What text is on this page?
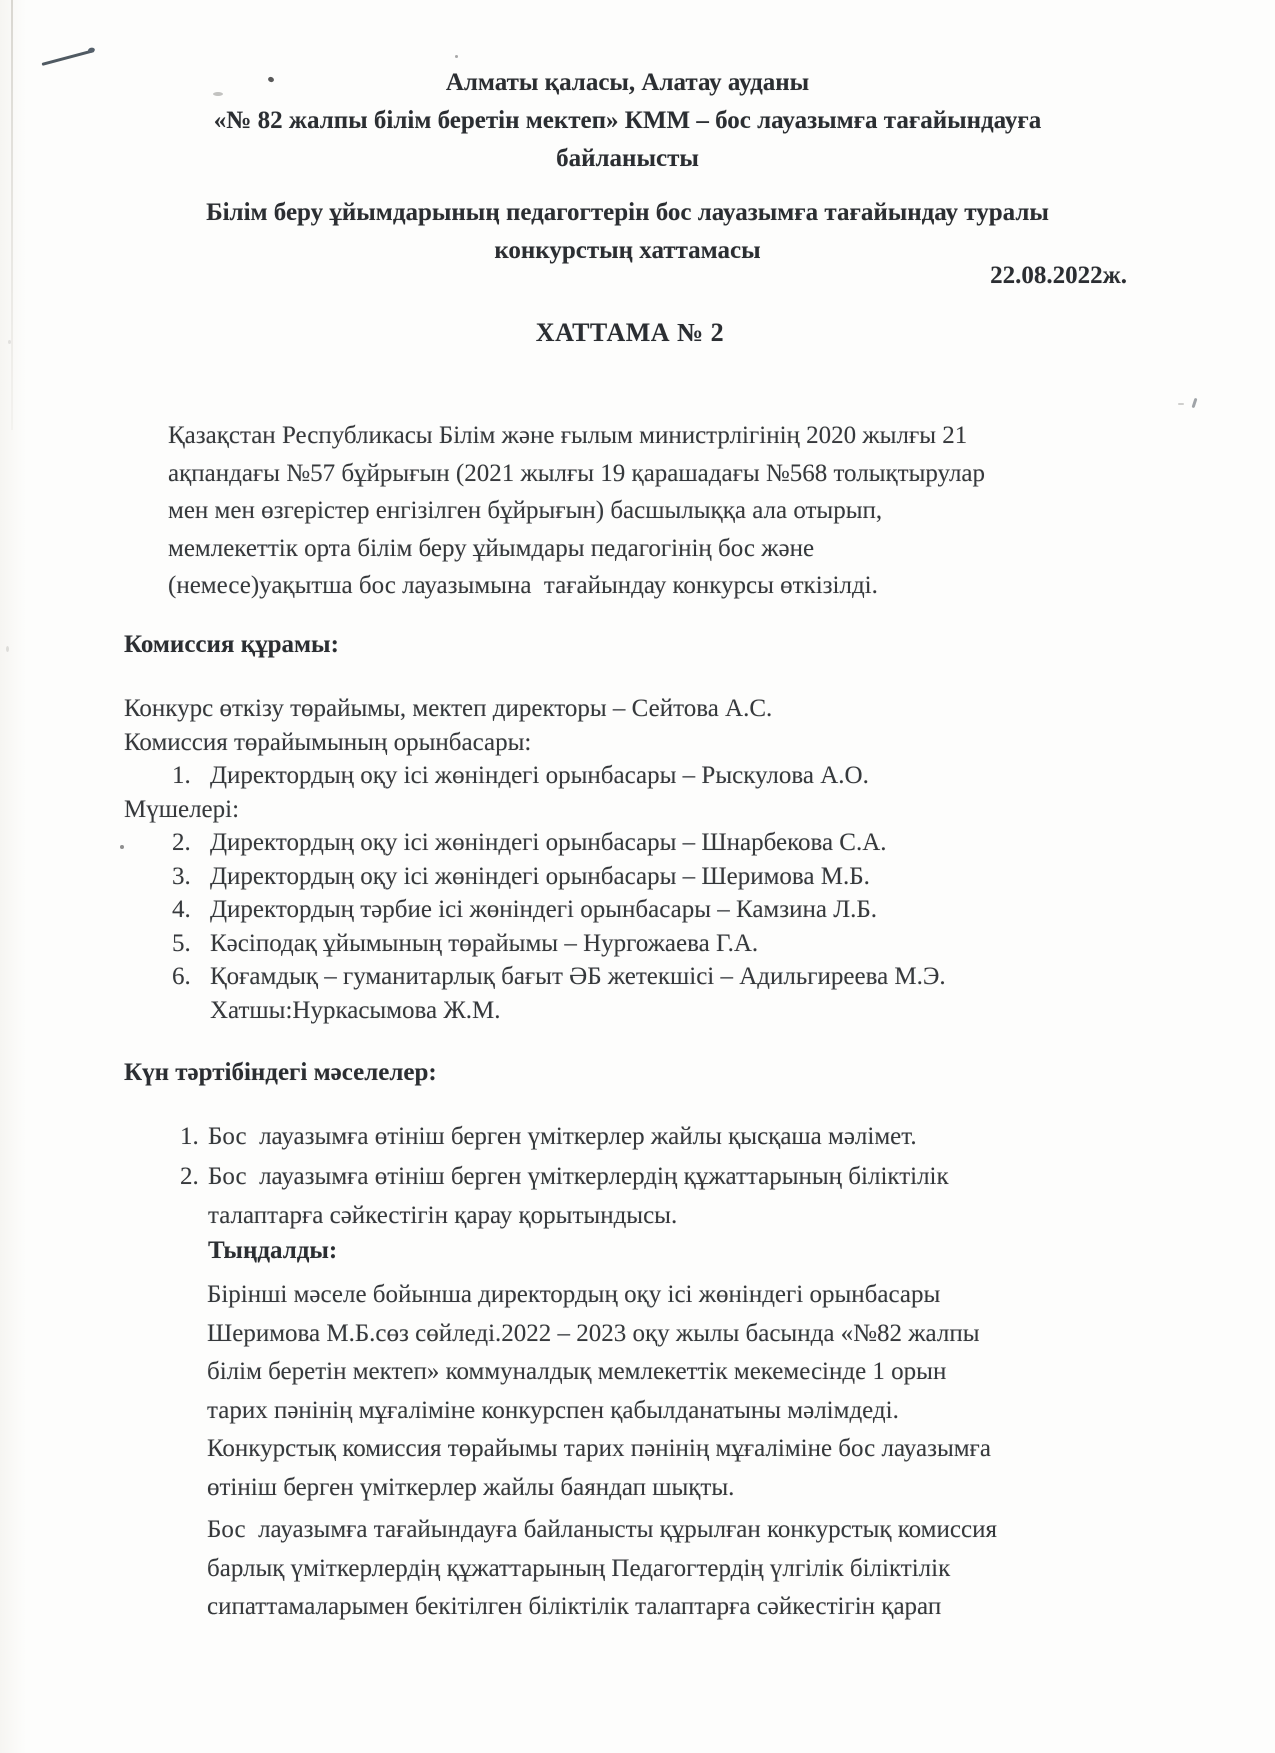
Алматы қаласы, Алатау ауданы
«№ 82 жалпы білім беретін мектеп» КММ – бос лауазымға тағайындауға
байланысты
Білім беру ұйымдарының педагогтерін бос лауазымға тағайындау туралы
конкурстың хаттамасы
22.08.2022ж.
ХАТТАМА № 2
Қазақстан Республикасы Білім және ғылым министрлігінің 2020 жылғы 21
ақпандағы №57 бұйрығын (2021 жылғы 19 қарашадағы №568 толықтырулар
мен мен өзгерістер енгізілген бұйрығын) басшылыққа ала отырып,
мемлекеттік орта білім беру ұйымдары педагогінің бос және
(немесе)уақытша бос лауазымына  тағайындау конкурсы өткізілді.
Комиссия құрамы:
Конкурс өткізу төрайымы, мектеп директоры – Сейтова А.С.
Комиссия төрайымының орынбасары:
1. Директордың оқу ісі жөніндегі орынбасары – Рыскулова А.О.
Мүшелері:
2. Директордың оқу ісі жөніндегі орынбасары – Шнарбекова С.А.
3. Директордың оқу ісі жөніндегі орынбасары – Шеримова М.Б.
4. Директордың тәрбие ісі жөніндегі орынбасары – Камзина Л.Б.
5. Кәсіподақ ұйымының төрайымы – Нургожаева Г.А.
6. Қоғамдық – гуманитарлық бағыт ӘБ жетекшісі – Адильгиреева М.Э.
Хатшы:Нуркасымова Ж.М.
Күн тәртібіндегі мәселелер:
1. Бос  лауазымға өтініш берген үміткерлер жайлы қысқаша мәлімет.
2. Бос  лауазымға өтініш берген үміткерлердің құжаттарының біліктілік
талаптарға сәйкестігін қарау қорытындысы.
Тыңдалды:
Бірінші мәселе бойынша директордың оқу ісі жөніндегі орынбасары
Шеримова М.Б.сөз сөйледі.2022 – 2023 оқу жылы басында «№82 жалпы
білім беретін мектеп» коммуналдық мемлекеттік мекемесінде 1 орын
тарих пәнінің мұғаліміне конкурспен қабылданатыны мәлімдеді.
Конкурстық комиссия төрайымы тарих пәнінің мұғаліміне бос лауазымға
өтініш берген үміткерлер жайлы баяндап шықты.
Бос  лауазымға тағайындауға байланысты құрылған конкурстық комиссия
барлық үміткерлердің құжаттарының Педагогтердің үлгілік біліктілік
сипаттамаларымен бекітілген біліктілік талаптарға сәйкестігін қарап
